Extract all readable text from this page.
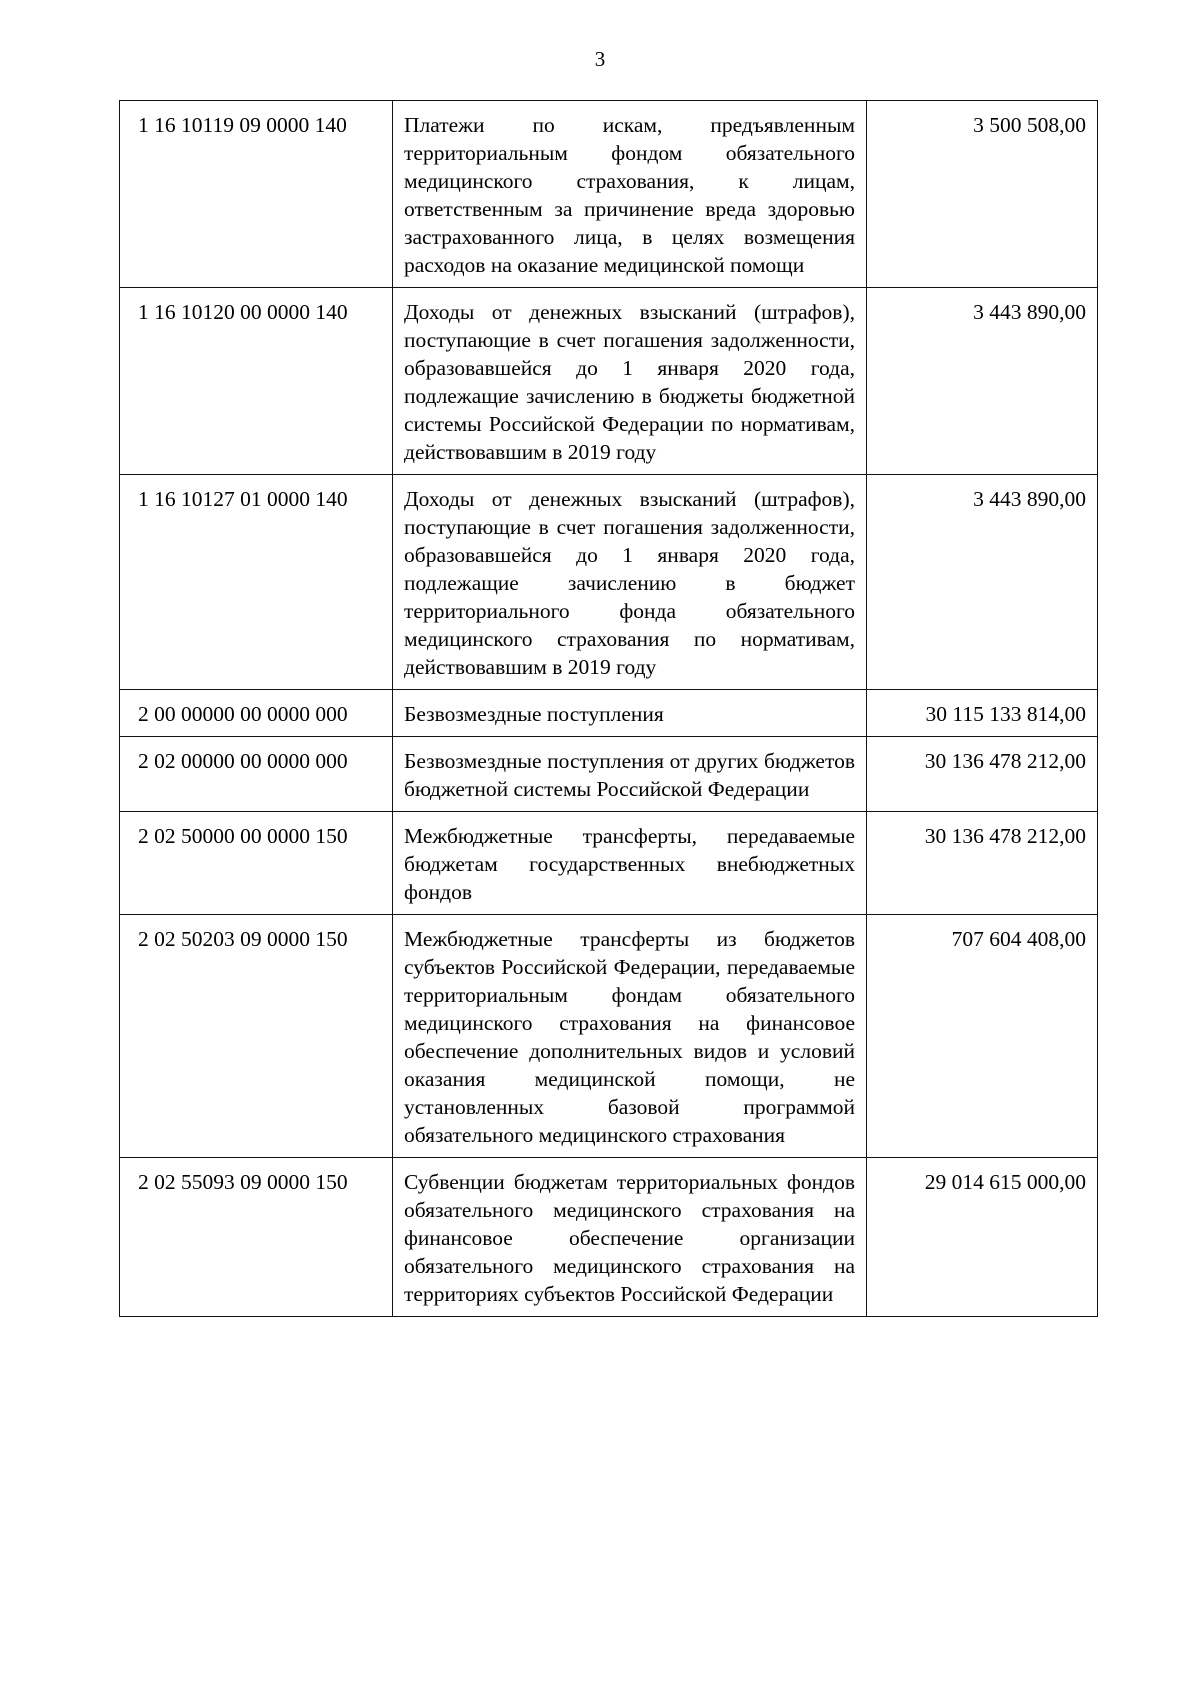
3
1 16 10119 09 0000 140	Платежи по искам, предъявленным территориальным фондом обязательного медицинского страхования, к лицам, ответственным за причинение вреда здоровью застрахованного лица, в целях возмещения расходов на оказание медицинской помощи	3 500 508,00
1 16 10120 00 0000 140	Доходы от денежных взысканий (штрафов), поступающие в счет погашения задолженности, образовавшейся до 1 января 2020 года, подлежащие зачислению в бюджеты бюджетной системы Российской Федерации по нормативам, действовавшим в 2019 году	3 443 890,00
1 16 10127 01 0000 140	Доходы от денежных взысканий (штрафов), поступающие в счет погашения задолженности, образовавшейся до 1 января 2020 года, подлежащие зачислению в бюджет территориального фонда обязательного медицинского страхования по нормативам, действовавшим в 2019 году	3 443 890,00
2 00 00000 00 0000 000	Безвозмездные поступления	30 115 133 814,00
2 02 00000 00 0000 000	Безвозмездные поступления от других бюджетов бюджетной системы Российской Федерации	30 136 478 212,00
2 02 50000 00 0000 150	Межбюджетные трансферты, передаваемые бюджетам государственных внебюджетных фондов	30 136 478 212,00
2 02 50203 09 0000 150	Межбюджетные трансферты из бюджетов субъектов Российской Федерации, передаваемые территориальным фондам обязательного медицинского страхования на финансовое обеспечение дополнительных видов и условий оказания медицинской помощи, не установленных базовой программой обязательного медицинского страхования	707 604 408,00
2 02 55093 09 0000 150	Субвенции бюджетам территориальных фондов обязательного медицинского страхования на финансовое обеспечение организации обязательного медицинского страхования на территориях субъектов Российской Федерации	29 014 615 000,00
